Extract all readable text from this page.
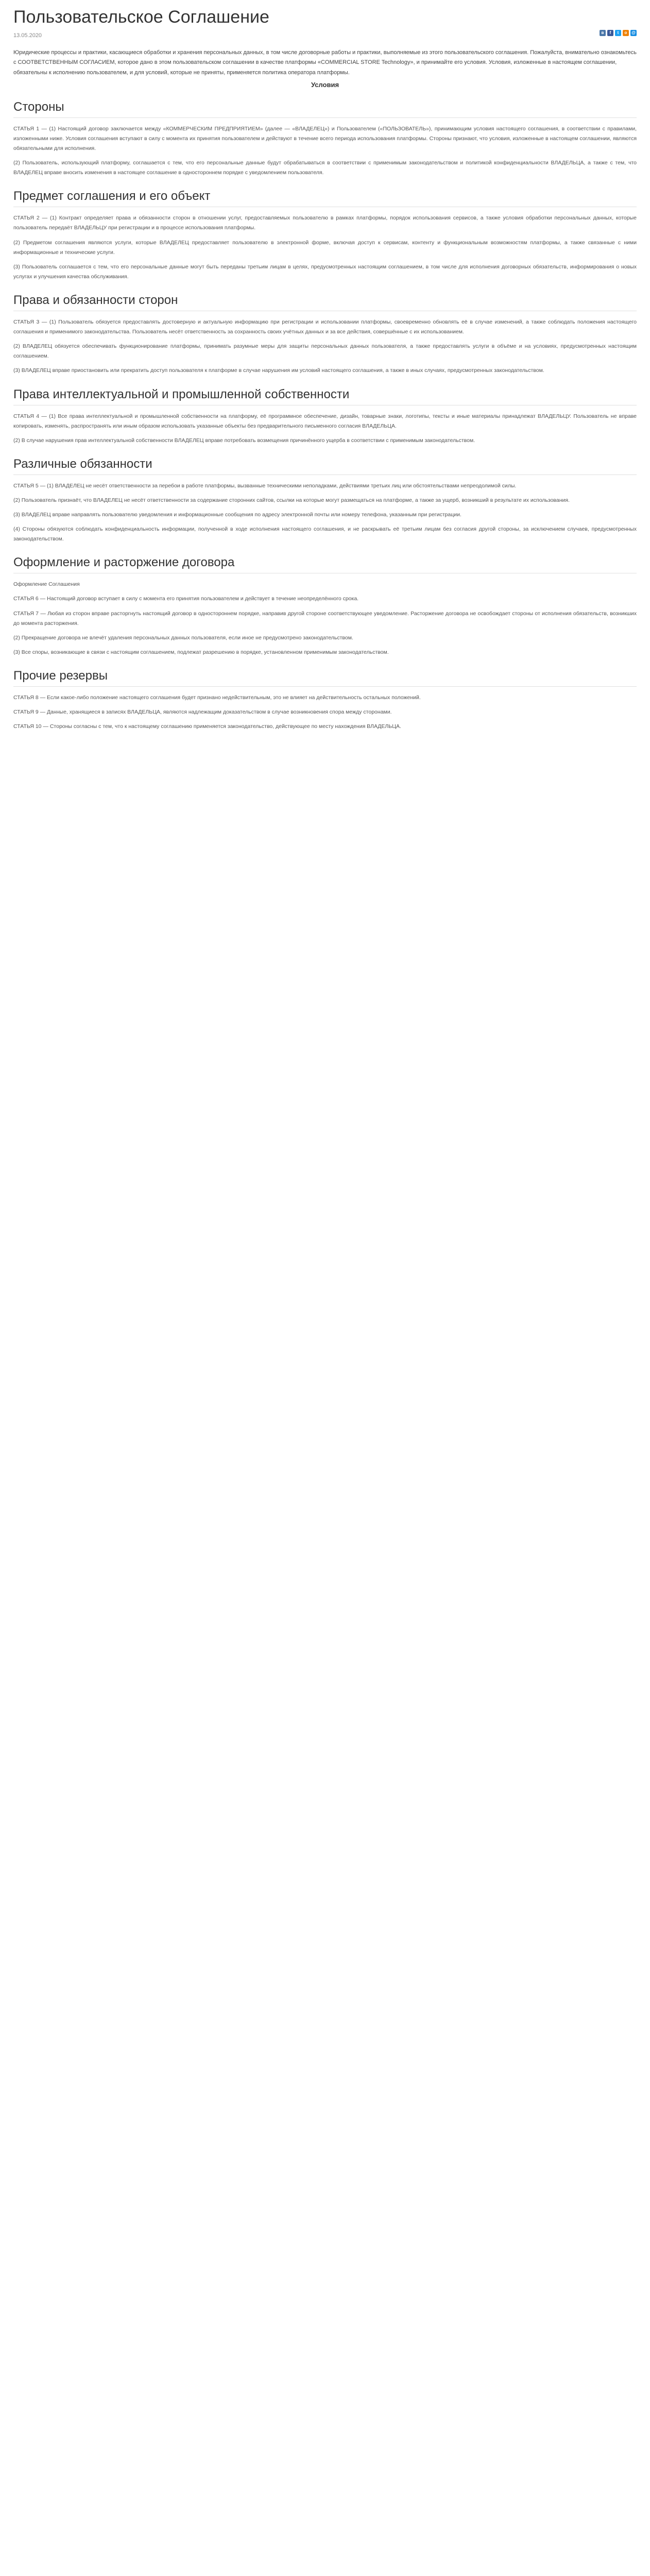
Пользовательское Соглашение
13.05.2020	в	f	t	о	@

Юридические процессы и практики, касающиеся обработки и хранения персональных данных, в том числе договорные работы и практики, выполняемые из этого пользовательского соглашения. Пожалуйста, внимательно ознакомьтесь с СООТВЕТСТВЕННЫМ СОГЛАСИЕМ, которое дано в этом пользовательском соглашении в качестве платформы «COMMERCIAL STORE Technology», и принимайте его условия. Условия, изложенные в настоящем соглашении, обязательны к исполнению пользователем, и для условий, которые не приняты, применяется политика оператора платформы.

Условия
Стороны

СТАТЬЯ 1 — (1) Настоящий договор заключается между «КОММЕРЧЕСКИМ ПРЕДПРИЯТИЕМ» (далее — «ВЛАДЕЛЕЦ») и Пользователем («ПОЛЬЗОВАТЕЛЬ»), принимающим условия настоящего соглашения, в соответствии с правилами, изложенными ниже. Условия соглашения вступают в силу с момента их принятия пользователем и действуют в течение всего периода использования платформы. Стороны признают, что условия, изложенные в настоящем соглашении, являются обязательными для исполнения.

(2) Пользователь, использующий платформу, соглашается с тем, что его персональные данные будут обрабатываться в соответствии с применимым законодательством и политикой конфиденциальности ВЛАДЕЛЬЦА, а также с тем, что ВЛАДЕЛЕЦ вправе вносить изменения в настоящее соглашение в одностороннем порядке с уведомлением пользователя.

Предмет соглашения и его объект

СТАТЬЯ 2 — (1) Контракт определяет права и обязанности сторон в отношении услуг, предоставляемых пользователю в рамках платформы, порядок использования сервисов, а также условия обработки персональных данных, которые пользователь передаёт ВЛАДЕЛЬЦУ при регистрации и в процессе использования платформы.

(2) Предметом соглашения являются услуги, которые ВЛАДЕЛЕЦ предоставляет пользователю в электронной форме, включая доступ к сервисам, контенту и функциональным возможностям платформы, а также связанные с ними информационные и технические услуги.

(3) Пользователь соглашается с тем, что его персональные данные могут быть переданы третьим лицам в целях, предусмотренных настоящим соглашением, в том числе для исполнения договорных обязательств, информирования о новых услугах и улучшения качества обслуживания.

Права и обязанности сторон

СТАТЬЯ 3 — (1) Пользователь обязуется предоставлять достоверную и актуальную информацию при регистрации и использовании платформы, своевременно обновлять её в случае изменений, а также соблюдать положения настоящего соглашения и применимого законодательства. Пользователь несёт ответственность за сохранность своих учётных данных и за все действия, совершённые с их использованием.

(2) ВЛАДЕЛЕЦ обязуется обеспечивать функционирование платформы, принимать разумные меры для защиты персональных данных пользователя, а также предоставлять услуги в объёме и на условиях, предусмотренных настоящим соглашением.

(3) ВЛАДЕЛЕЦ вправе приостановить или прекратить доступ пользователя к платформе в случае нарушения им условий настоящего соглашения, а также в иных случаях, предусмотренных законодательством.

Права интеллектуальной и промышленной собственности

СТАТЬЯ 4 — (1) Все права интеллектуальной и промышленной собственности на платформу, её программное обеспечение, дизайн, товарные знаки, логотипы, тексты и иные материалы принадлежат ВЛАДЕЛЬЦУ. Пользователь не вправе копировать, изменять, распространять или иным образом использовать указанные объекты без предварительного письменного согласия ВЛАДЕЛЬЦА.

(2) В случае нарушения прав интеллектуальной собственности ВЛАДЕЛЕЦ вправе потребовать возмещения причинённого ущерба в соответствии с применимым законодательством.

Различные обязанности

СТАТЬЯ 5 — (1) ВЛАДЕЛЕЦ не несёт ответственности за перебои в работе платформы, вызванные техническими неполадками, действиями третьих лиц или обстоятельствами непреодолимой силы.

(2) Пользователь признаёт, что ВЛАДЕЛЕЦ не несёт ответственности за содержание сторонних сайтов, ссылки на которые могут размещаться на платформе, а также за ущерб, возникший в результате их использования.

(3) ВЛАДЕЛЕЦ вправе направлять пользователю уведомления и информационные сообщения по адресу электронной почты или номеру телефона, указанным при регистрации.

(4) Стороны обязуются соблюдать конфиденциальность информации, полученной в ходе исполнения настоящего соглашения, и не раскрывать её третьим лицам без согласия другой стороны, за исключением случаев, предусмотренных законодательством.

Оформление и расторжение договора

Оформление Соглашения

СТАТЬЯ 6 — Настоящий договор вступает в силу с момента его принятия пользователем и действует в течение неопределённого срока.

СТАТЬЯ 7 — Любая из сторон вправе расторгнуть настоящий договор в одностороннем порядке, направив другой стороне соответствующее уведомление. Расторжение договора не освобождает стороны от исполнения обязательств, возникших до момента расторжения.

(2) Прекращение договора не влечёт удаления персональных данных пользователя, если иное не предусмотрено законодательством.

(3) Все споры, возникающие в связи с настоящим соглашением, подлежат разрешению в порядке, установленном применимым законодательством.

Прочие резервы

СТАТЬЯ 8 — Если какое-либо положение настоящего соглашения будет признано недействительным, это не влияет на действительность остальных положений.

СТАТЬЯ 9 — Данные, хранящиеся в записях ВЛАДЕЛЬЦА, являются надлежащим доказательством в случае возникновения спора между сторонами.

СТАТЬЯ 10 — Стороны согласны с тем, что к настоящему соглашению применяется законодательство, действующее по месту нахождения ВЛАДЕЛЬЦА.
